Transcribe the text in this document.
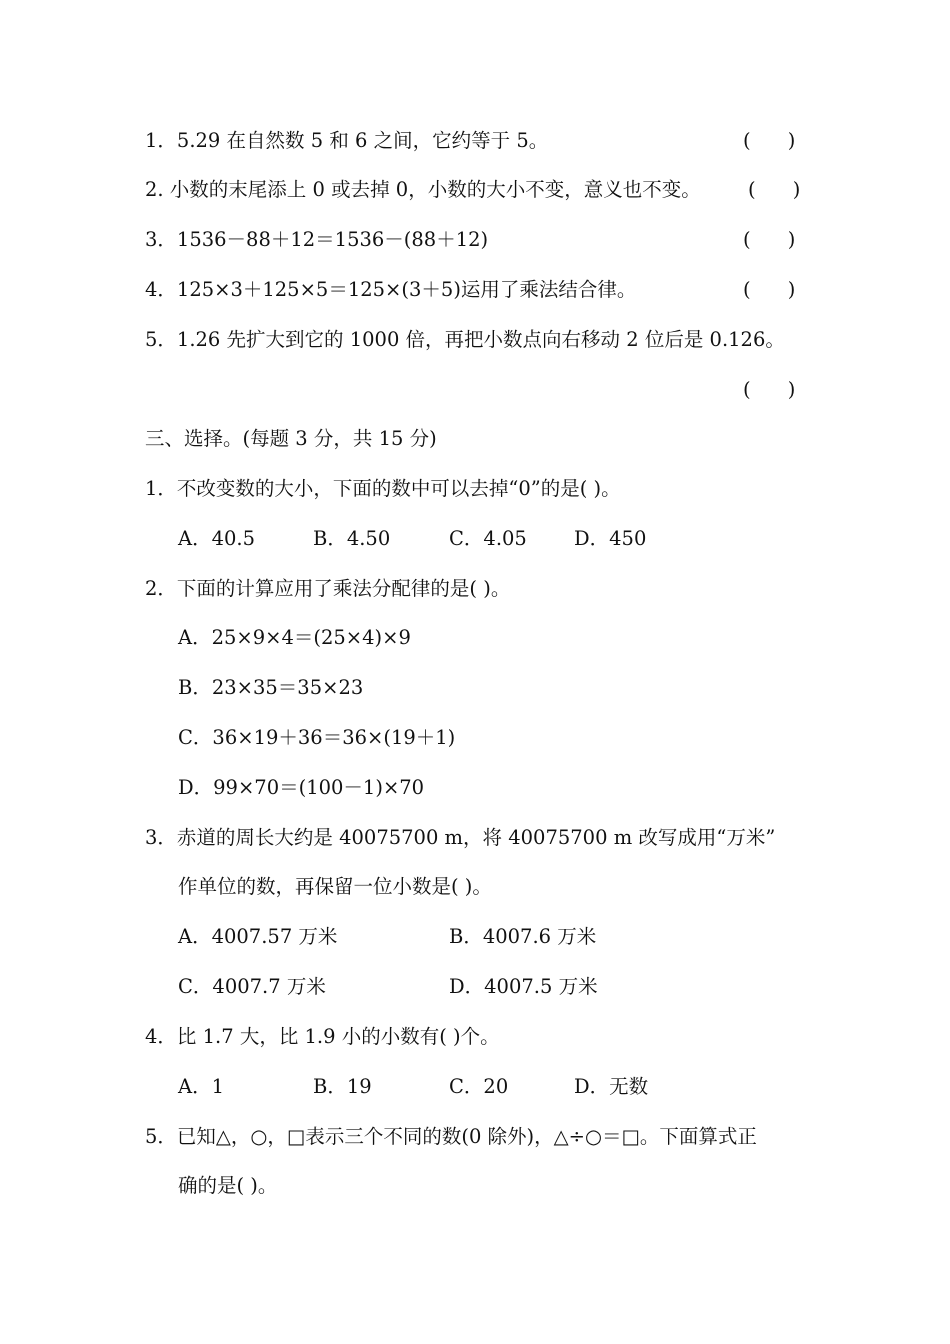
1．5.29 在自然数 5 和 6 之间，它约等于 5。	(      )
2. 小数的末尾添上 0 或去掉 0，小数的大小不变，意义也不变。 (      )
3．1536－88＋12＝1536－(88＋12)	(      )
4．125×3＋125×5＝125×(3＋5)运用了乘法结合律。	(      )
5．1.26 先扩大到它的 1000 倍，再把小数点向右移动 2 位后是 0.126。
(      )
三、选择。(每题 3 分，共 15 分)
1．不改变数的大小，下面的数中可以去掉“0”的是( )。
A．40.5	B．4.50	C．4.05 D．450
2．下面的计算应用了乘法分配律的是( )。
A．25×9×4＝(25×4)×9
B．23×35＝35×23
C．36×19＋36＝36×(19＋1)
D．99×70＝(100－1)×70
3．赤道的周长大约是 40075700 m，将 40075700 m 改写成用“万米”
作单位的数，再保留一位小数是( )。
A．4007.57 万米	B．4007.6 万米
C．4007.7 万米	D．4007.5 万米
4．比 1.7 大，比 1.9 小的小数有( )个。
A．1	B．19	C．20	D．无数
5．已知△，○，□表示三个不同的数(0 除外)，△÷○＝□。下面算式正
确的是( )。
